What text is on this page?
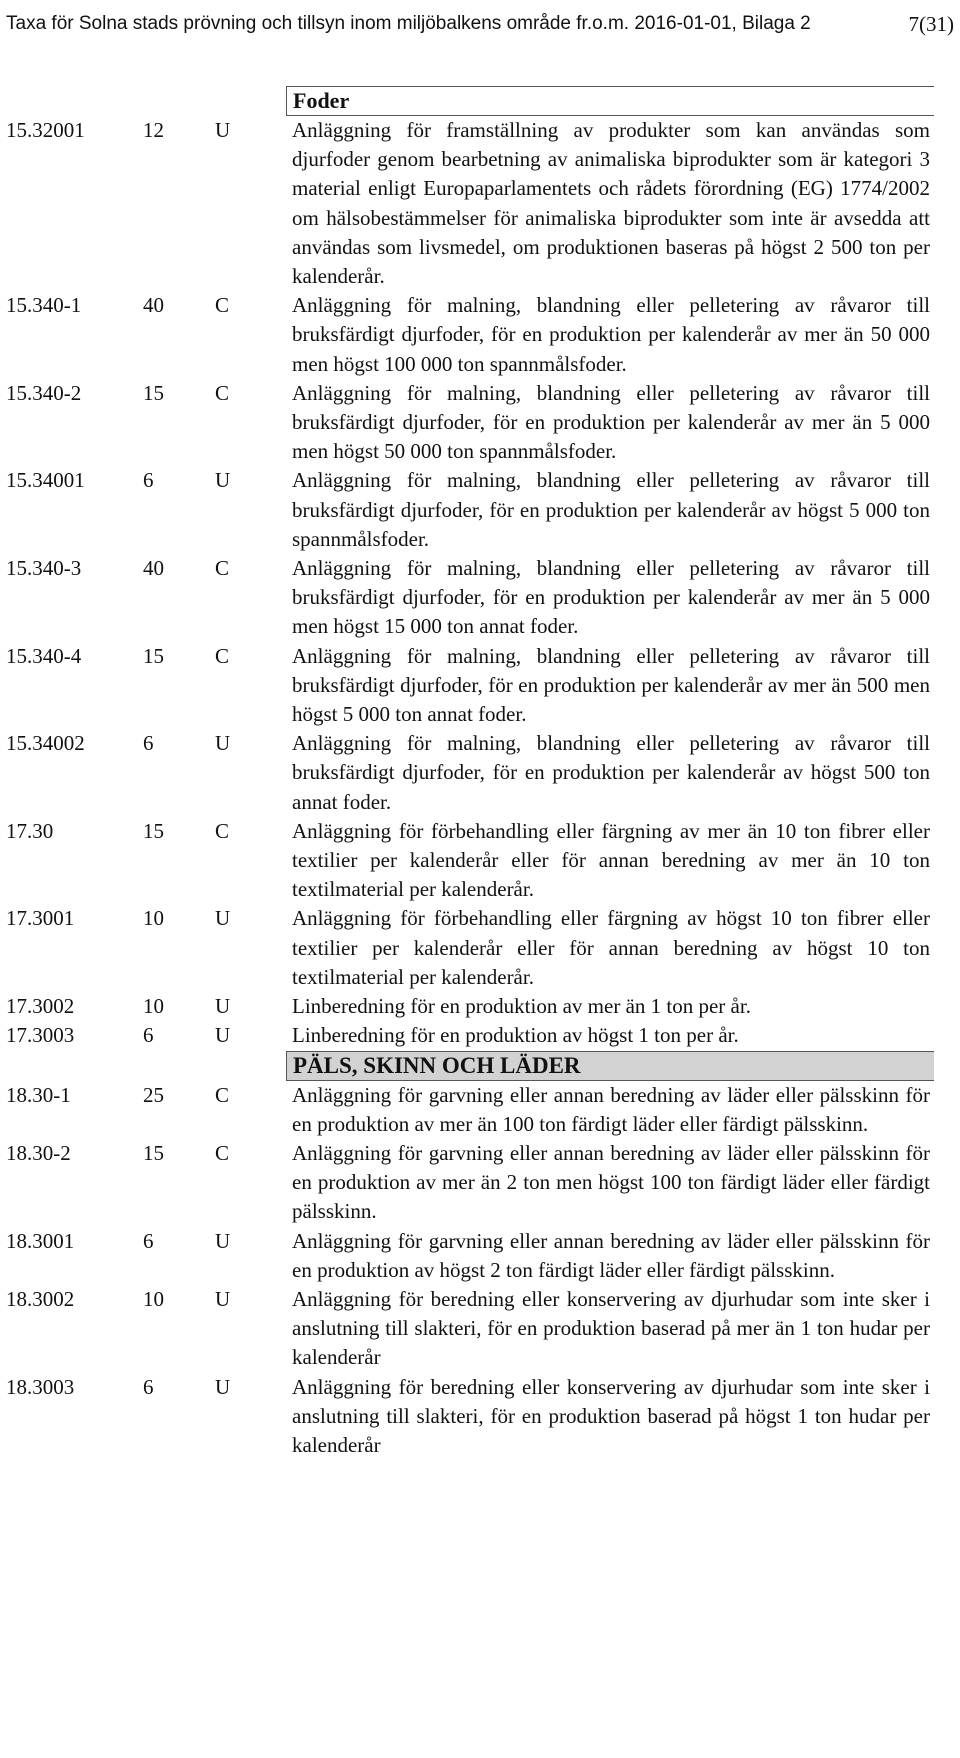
Taxa för Solna stads prövning och tillsyn inom miljöbalkens område fr.o.m. 2016-01-01, Bilaga 2	7(31)
Foder
15.32001	12	U	Anläggning för framställning av produkter som kan användas som djurfoder genom bearbetning av animaliska biprodukter som är kategori 3 material enligt Europaparlamentets och rådets förordning (EG) 1774/2002 om hälsobestämmelser för animaliska biprodukter som inte är avsedda att användas som livsmedel, om produktionen baseras på högst 2 500 ton per kalenderår.
15.340-1	40	C	Anläggning för malning, blandning eller pelletering av råvaror till bruksfärdigt djurfoder, för en produktion per kalenderår av mer än 50 000 men högst 100 000 ton spannmålsfoder.
15.340-2	15	C	Anläggning för malning, blandning eller pelletering av råvaror till bruksfärdigt djurfoder, för en produktion per kalenderår av mer än 5 000 men högst 50 000 ton spannmålsfoder.
15.34001	6	U	Anläggning för malning, blandning eller pelletering av råvaror till bruksfärdigt djurfoder, för en produktion per kalenderår av högst 5 000 ton spannmålsfoder.
15.340-3	40	C	Anläggning för malning, blandning eller pelletering av råvaror till bruksfärdigt djurfoder, för en produktion per kalenderår av mer än 5 000 men högst 15 000 ton annat foder.
15.340-4	15	C	Anläggning för malning, blandning eller pelletering av råvaror till bruksfärdigt djurfoder, för en produktion per kalenderår av mer än 500 men högst 5 000 ton annat foder.
15.34002	6	U	Anläggning för malning, blandning eller pelletering av råvaror till bruksfärdigt djurfoder, för en produktion per kalenderår av högst 500 ton annat foder.
17.30	15	C	Anläggning för förbehandling eller färgning av mer än 10 ton fibrer eller textilier per kalenderår eller för annan beredning av mer än 10 ton textilmaterial per kalenderår.
17.3001	10	U	Anläggning för förbehandling eller färgning av högst 10 ton fibrer eller textilier per kalenderår eller för annan beredning av högst 10 ton textilmaterial per kalenderår.
17.3002	10	U	Linberedning för en produktion av mer än 1 ton per år.
17.3003	6	U	Linberedning för en produktion av högst 1 ton per år.
PÄLS, SKINN OCH LÄDER
18.30-1	25	C	Anläggning för garvning eller annan beredning av läder eller pälsskinn för en produktion av mer än 100 ton färdigt läder eller färdigt pälsskinn.
18.30-2	15	C	Anläggning för garvning eller annan beredning av läder eller pälsskinn för en produktion av mer än 2 ton men högst 100 ton färdigt läder eller färdigt pälsskinn.
18.3001	6	U	Anläggning för garvning eller annan beredning av läder eller pälsskinn för en produktion av högst 2 ton färdigt läder eller färdigt pälsskinn.
18.3002	10	U	Anläggning för beredning eller konservering av djurhudar som inte sker i anslutning till slakteri, för en produktion baserad på mer än 1 ton hudar per kalenderår
18.3003	6	U	Anläggning för beredning eller konservering av djurhudar som inte sker i anslutning till slakteri, för en produktion baserad på högst 1 ton hudar per kalenderår
